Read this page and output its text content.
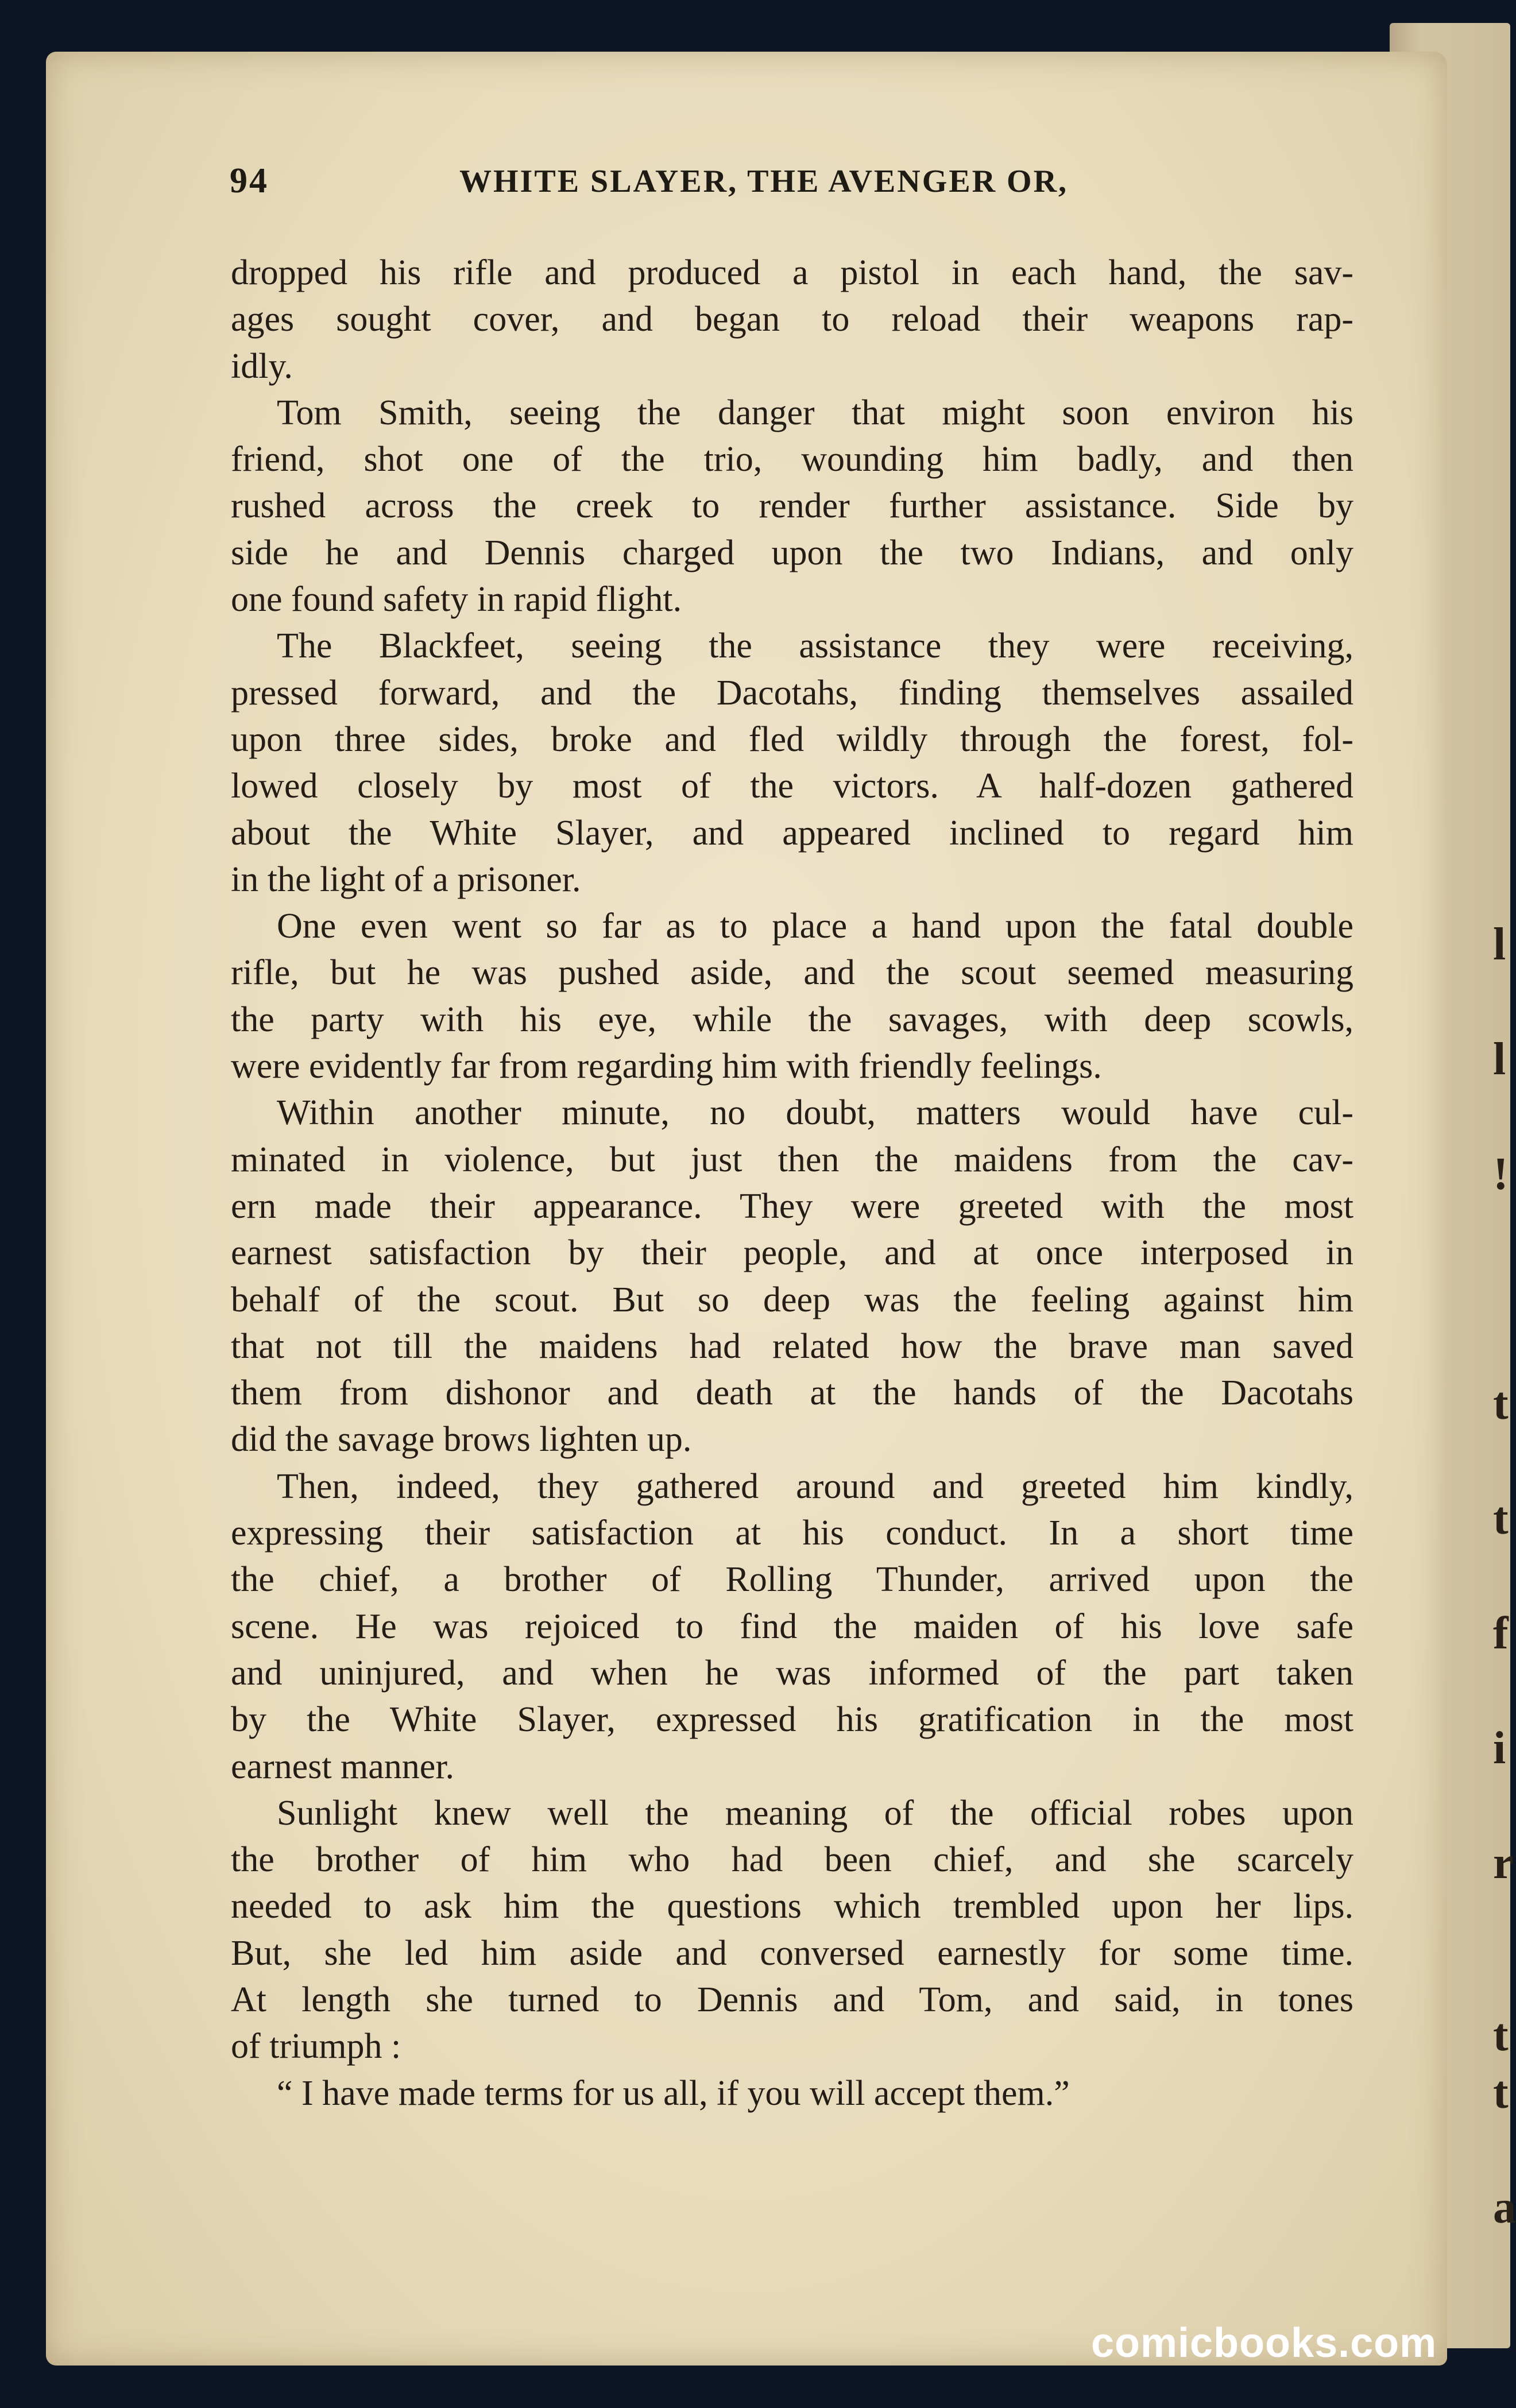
l
l
!
t
t
f
i
r
t
t
a
94	WHITE SLAYER, THE AVENGER OR,
dropped his rifle and produced a pistol in each hand, the sav-
ages sought cover, and began to reload their weapons rap-
idly.
Tom Smith, seeing the danger that might soon environ his
friend, shot one of the trio, wounding him badly, and then
rushed across the creek to render further assistance. Side by
side he and Dennis charged upon the two Indians, and only
one found safety in rapid flight.
The Blackfeet, seeing the assistance they were receiving,
pressed forward, and the Dacotahs, finding themselves assailed
upon three sides, broke and fled wildly through the forest, fol-
lowed closely by most of the victors. A half-dozen gathered
about the White Slayer, and appeared inclined to regard him
in the light of a prisoner.
One even went so far as to place a hand upon the fatal double
rifle, but he was pushed aside, and the scout seemed measuring
the party with his eye, while the savages, with deep scowls,
were evidently far from regarding him with friendly feelings.
Within another minute, no doubt, matters would have cul-
minated in violence, but just then the maidens from the cav-
ern made their appearance. They were greeted with the most
earnest satisfaction by their people, and at once interposed in
behalf of the scout. But so deep was the feeling against him
that not till the maidens had related how the brave man saved
them from dishonor and death at the hands of the Dacotahs
did the savage brows lighten up.
Then, indeed, they gathered around and greeted him kindly,
expressing their satisfaction at his conduct. In a short time
the chief, a brother of Rolling Thunder, arrived upon the
scene. He was rejoiced to find the maiden of his love safe
and uninjured, and when he was informed of the part taken
by the White Slayer, expressed his gratification in the most
earnest manner.
Sunlight knew well the meaning of the official robes upon
the brother of him who had been chief, and she scarcely
needed to ask him the questions which trembled upon her lips.
But, she led him aside and conversed earnestly for some time.
At length she turned to Dennis and Tom, and said, in tones
of triumph :
“ I have made terms for us all, if you will accept them.”
comicbooks.com
